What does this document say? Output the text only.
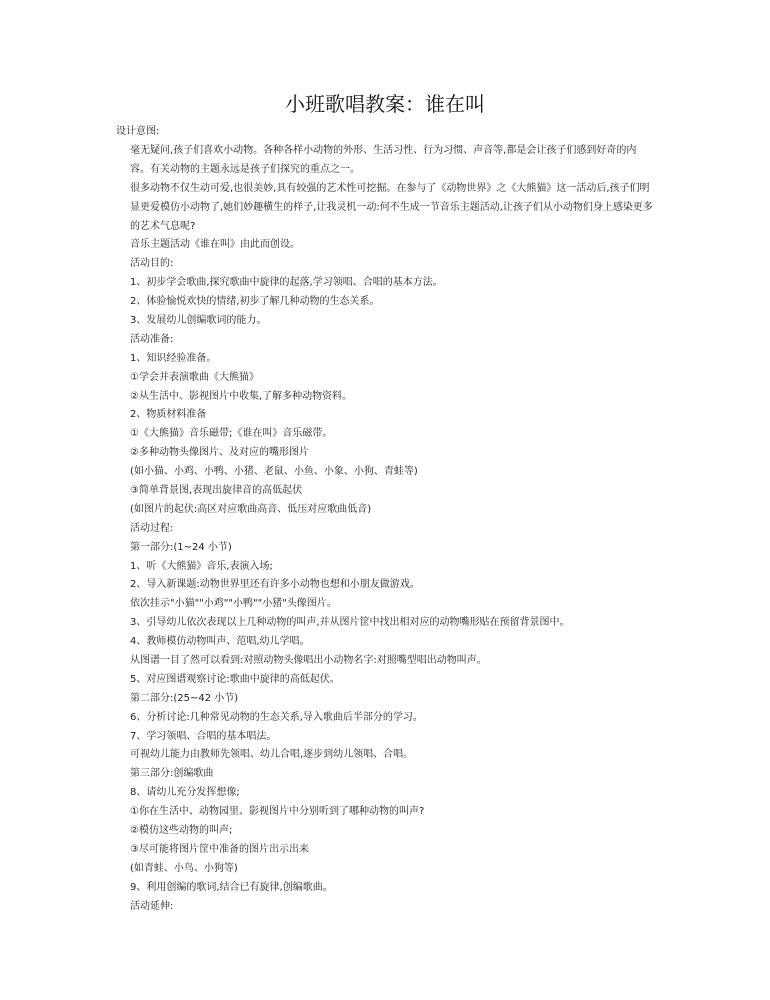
小班歌唱教案：谁在叫
设计意图:
毫无疑问,孩子们喜欢小动物。各种各样小动物的外形、生活习性、行为习惯、声音等,都是会让孩子们感到好奇的内容。有关动物的主题永远是孩子们探究的重点之一。
很多动物不仅生动可爱,也很美妙,具有较强的艺术性可挖掘。在参与了《动物世界》之《大熊猫》这一活动后,孩子们明显更爱模仿小动物了,她们妙趣横生的样子,让我灵机一动:何不生成一节音乐主题活动,让孩子们从小动物们身上感染更多的艺术气息呢?
音乐主题活动《谁在叫》由此而创设。
活动目的:
1、初步学会歌曲,探究歌曲中旋律的起落,学习领唱、合唱的基本方法。
2、体验愉悦欢快的情绪,初步了解几种动物的生态关系。
3、发展幼儿创编歌词的能力。
活动准备:
1、知识经验准备。
①学会并表演歌曲《大熊猫》
②从生活中、影视图片中收集,了解多种动物资料。
2、物质材料准备
①《大熊猫》音乐磁带;《谁在叫》音乐磁带。
②多种动物头像图片、及对应的嘴形图片
(如小猫、小鸡、小鸭、小猪、老鼠、小鱼、小象、小狗、青蛙等)
③简单背景图,表现出旋律音的高低起伏
(如图片的起伏:高区对应歌曲高音、低压对应歌曲低音)
活动过程:
第一部分:(1~24 小节)
1、听《大熊猫》音乐,表演入场;
2、导入新课题:动物世界里还有许多小动物也想和小朋友做游戏。
依次挂示"小猫""小鸡""小鸭""小猪"头像图片。
3、引导幼儿依次表现以上几种动物的叫声,并从图片筐中找出相对应的动物嘴形贴在预留背景图中。
4、教师模仿动物叫声、范唱,幼儿学唱。
从图谱一目了然可以看到:对照动物头像唱出小动物名字:对照嘴型唱出动物叫声。
5、对应图谱观察讨论:歌曲中旋律的高低起伏。
第二部分:(25~42 小节)
6、分析讨论:几种常见动物的生态关系,导入歌曲后半部分的学习。
7、学习领唱、合唱的基本唱法。
可视幼儿能力由教师先领唱、幼儿合唱,逐步到幼儿领唱、合唱。
第三部分:创编歌曲
8、请幼儿充分发挥想像;
①你在生活中、动物园里、影视图片中分别听到了哪种动物的叫声?
②模仿这些动物的叫声;
③尽可能将图片筐中准备的图片出示出来
(如青蛙、小鸟、小狗等)
9、利用创编的歌词,结合已有旋律,创编歌曲。
活动延伸:
